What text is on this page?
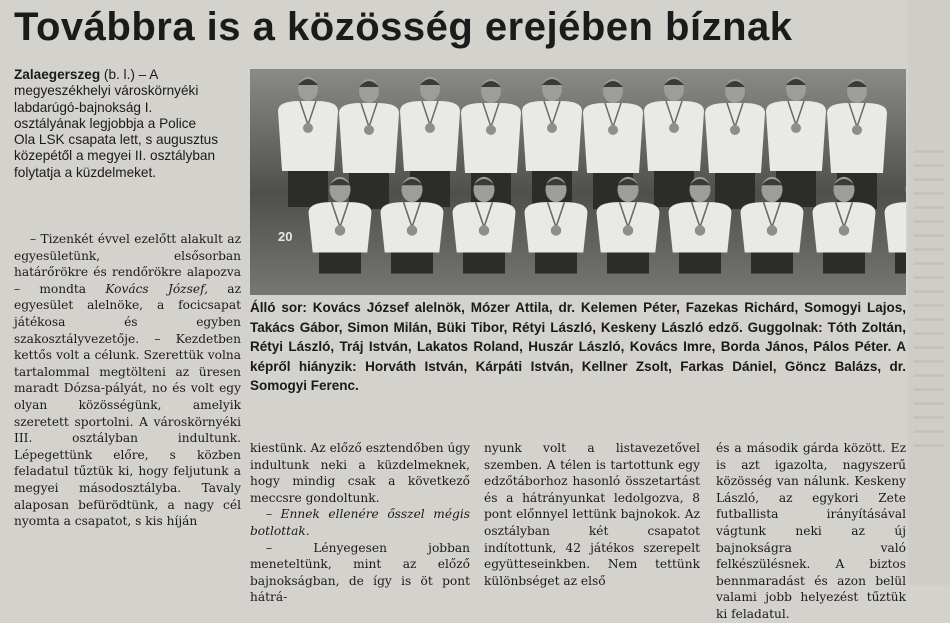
Továbbra is a közösség erejében bíznak
Zalaegerszeg (b. l.) – A megyeszékhelyi városkörnyéki labdarúgó-bajnokság I. osztályának legjobbja a Police Ola LSK csapata lett, s augusztus közepétől a megyei II. osztályban folytatja a küzdelmeket.

– Tizenkét évvel ezelőtt alakult az egyesületünk, elsősorban határőrökre és rendőrökre alapozva – mondta Kovács József, az egyesület alelnöke, a focicsapat játékosa és egyben szakosztályvezetője. – Kezdetben kettős volt a célunk. Szerettük volna tartalommal megtölteni az üresen maradt Dózsa-pályát, no és volt egy olyan közösségünk, amelyik szeretett sportolni. A városkörnyéki III. osztályban indultunk. Lépegettünk előre, s közben feladatul tűztük ki, hogy feljutunk a megyei másodosztályba. Tavaly alaposan befürödtünk, a nagy cél nyomta a csapatot, s kis híján

20

Álló sor: Kovács József alelnök, Mózer Attila, dr. Kelemen Péter, Fazekas Richárd, Somogyi Lajos, Takács Gábor, Simon Milán, Büki Tibor, Rétyi László, Keskeny László edző. Guggolnak: Tóth Zoltán, Rétyi László, Tráj István, Lakatos Roland, Huszár László, Kovács Imre, Borda János, Pálos Péter. A képről hiányzik: Horváth István, Kárpáti István, Kellner Zsolt, Farkas Dániel, Göncz Balázs, dr. Somogyi Ferenc.

kiestünk. Az előző esztendőben úgy indultunk neki a küzdelmeknek, hogy mindig csak a következő meccsre gondoltunk.

– Ennek ellenére ősszel mégis botlottak.

– Lényegesen jobban meneteltünk, mint az előző bajnokságban, de így is öt pont hátrá-

nyunk volt a listavezetővel szemben. A télen is tartottunk egy edzőtáborhoz hasonló összetartást és a hátrányunkat ledolgozva, 8 pont előnnyel lettünk bajnokok. Az osztályban két csapatot indítottunk, 42 játékos szerepelt együtteseinkben. Nem tettünk különbséget az első

és a második gárda között. Ez is azt igazolta, nagyszerű közösség van nálunk. Keskeny László, az egykori Zete futballista irányításával vágtunk neki az új bajnokságra való felkészülésnek. A biztos bennmaradást és azon belül valami jobb helyezést tűztük ki feladatul.
